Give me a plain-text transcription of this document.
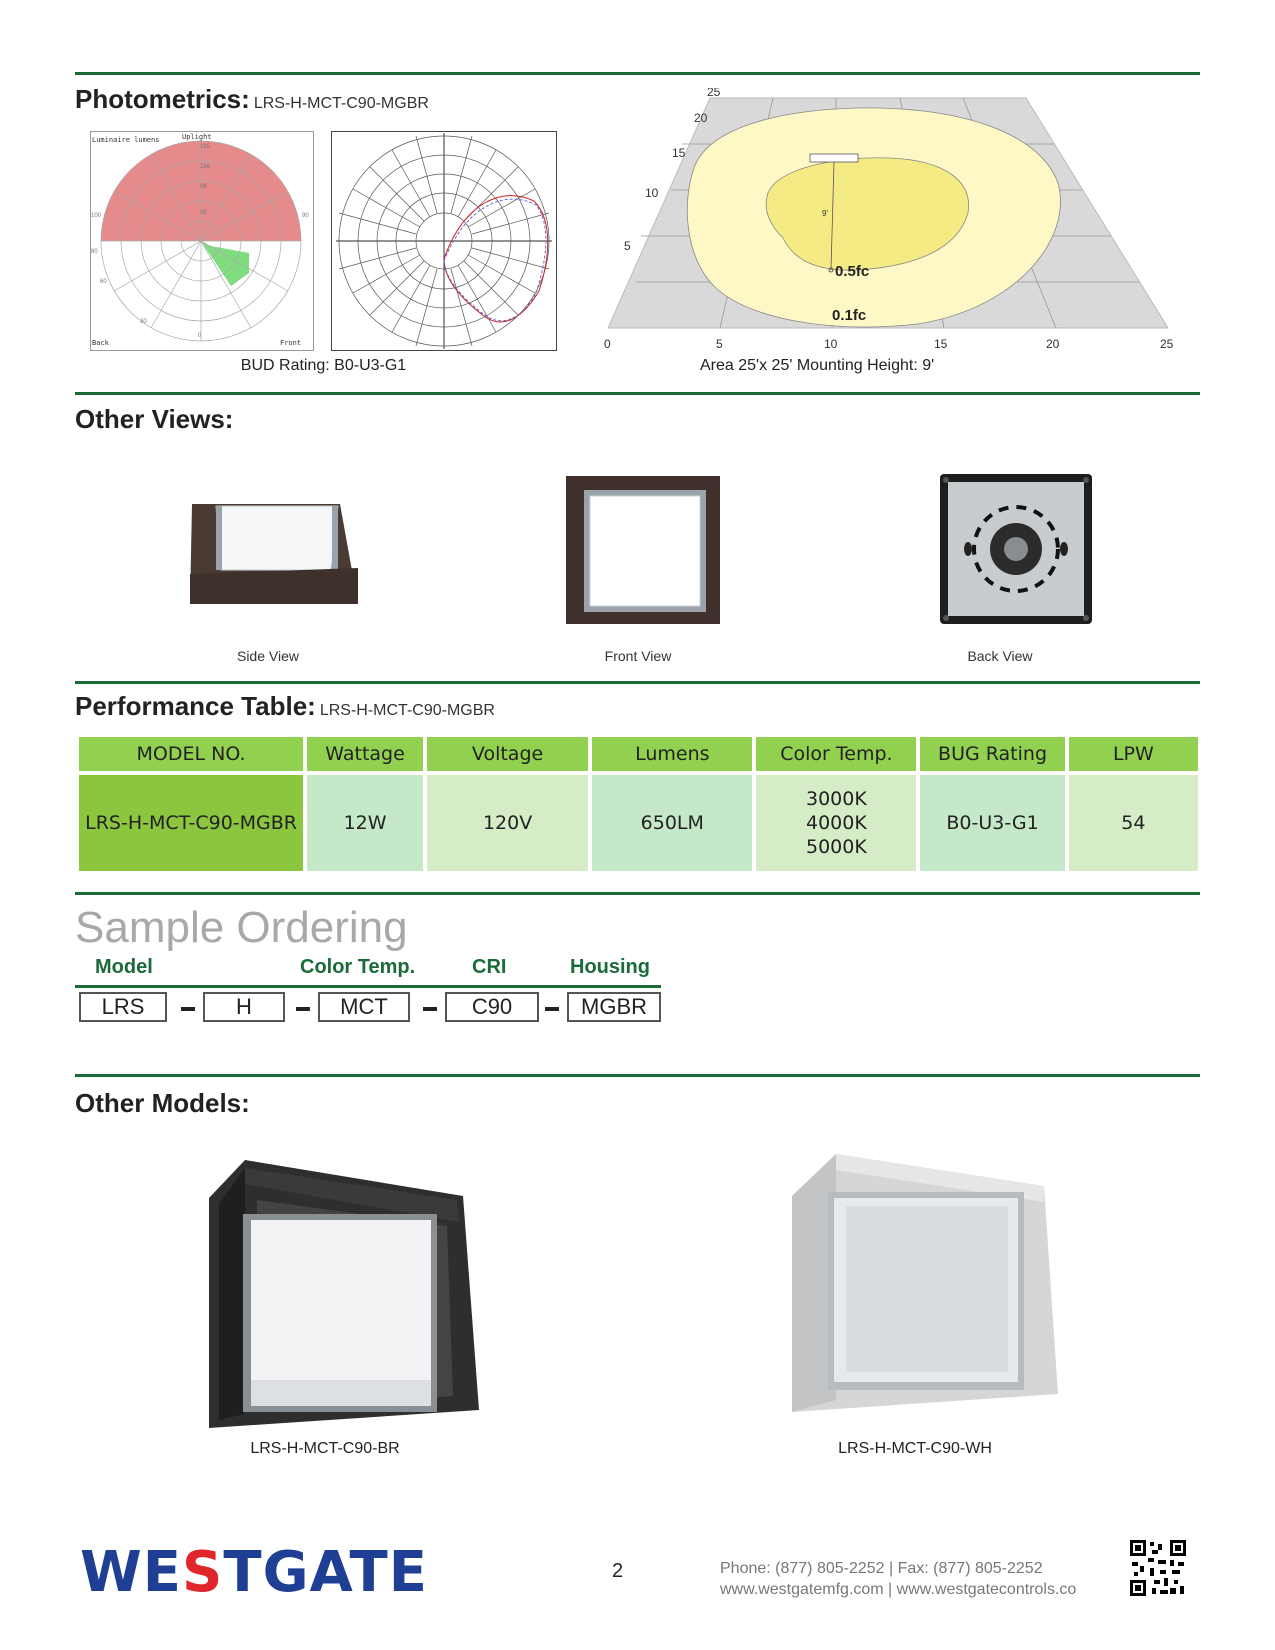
Photometrics: LRS-H-MCT-C90-MGBR
Luminaire lumens	Uplight
195
156
98
58
100	90
80
60
30
0
Back	Front
BUD Rating: B0-U3-G1
9'
0.5fc
0.1fc
25
20
15
10
5
0	5	10	15	20	25
Area 25'x 25' Mounting Height: 9'
Other Views:
Side View	Front View	Back View
Performance Table: LRS-H-MCT-C90-MGBR
MODEL NO.	Wattage	Voltage	Lumens	Color Temp.	BUG Rating	LPW
LRS-H-MCT-C90-MGBR	12W	120V	650LM	3000K
4000K
5000K	B0-U3-G1	54
Sample Ordering
Model	Color Temp.	CRI	Housing
LRS	H	MCT	C90	MGBR
Other Models:
LRS-H-MCT-C90-BR	LRS-H-MCT-C90-WH
WESTGATE	2	Phone: (877) 805-2252 | Fax: (877) 805-2252
www.westgatemfg.com | www.westgatecontrols.co
